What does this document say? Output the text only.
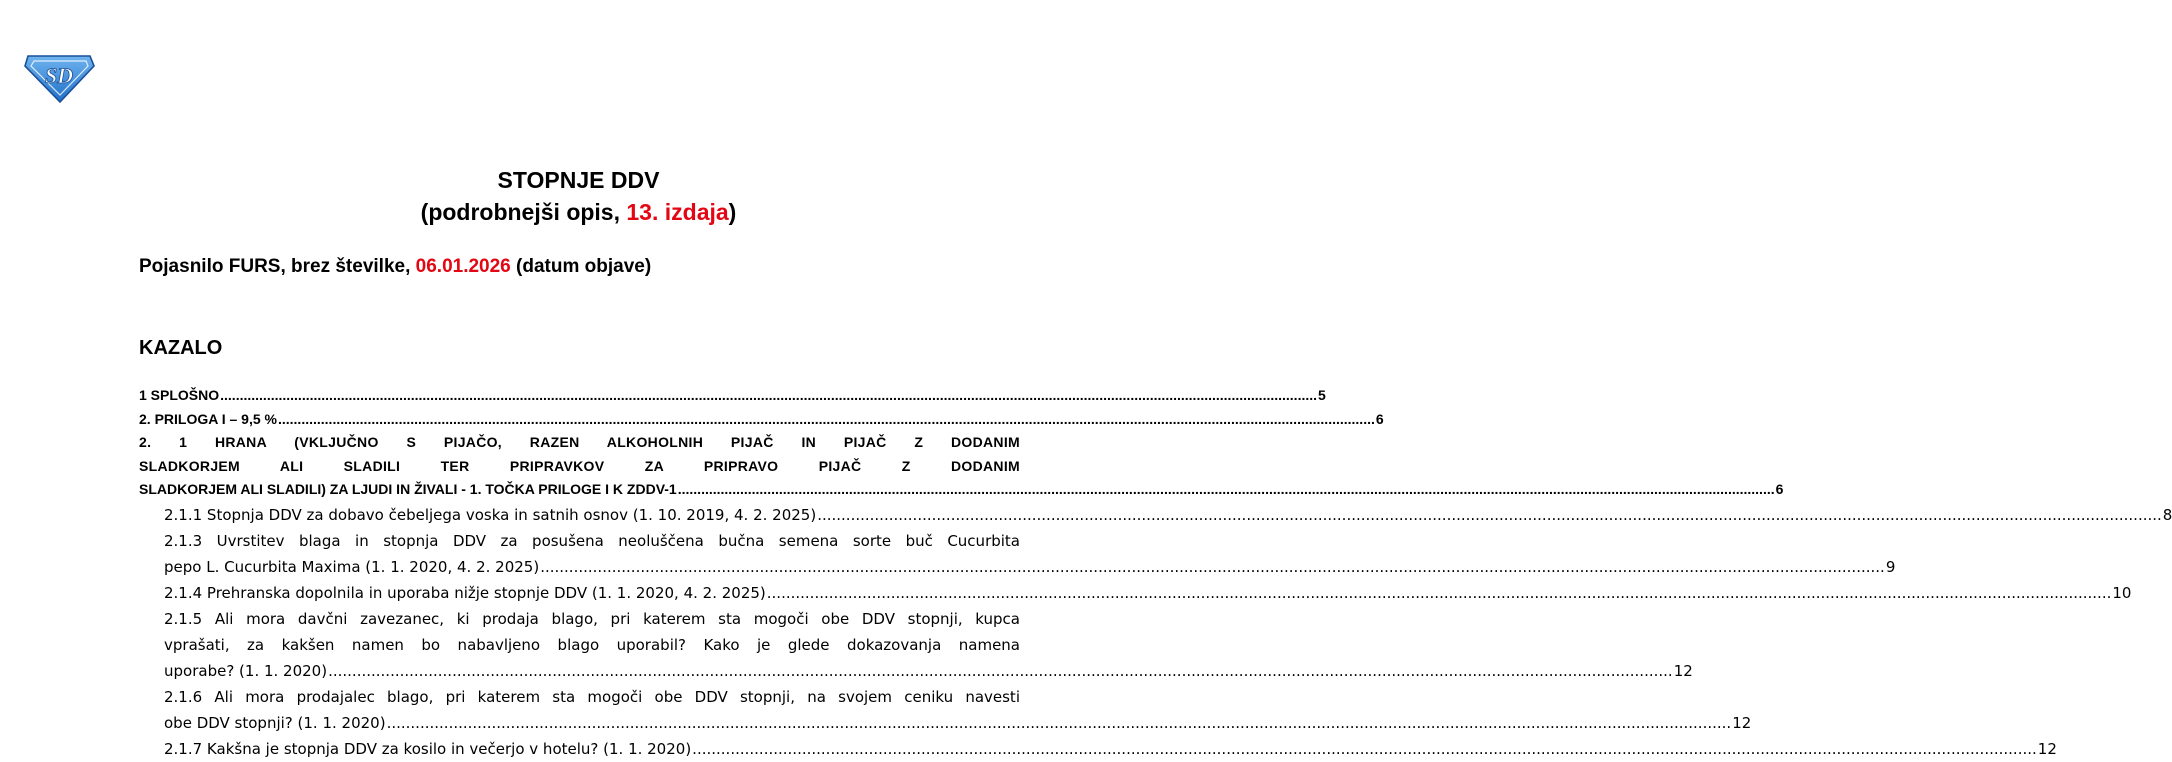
SD
STOPNJE DDV
(podrobnejši opis, 13. izdaja)
Pojasnilo FURS, brez številke, 06.01.2026 (datum objave)
KAZALO
1 SPLOŠNO .....	5
2. PRILOGA I – 9,5 % .....	6
2. 1 HRANA (VKLJUČNO S PIJAČO, RAZEN ALKOHOLNIH PIJAČ IN PIJAČ Z DODANIM
SLADKORJEM ALI SLADILI TER PRIPRAVKOV ZA PRIPRAVO PIJAČ Z DODANIM
SLADKORJEM ALI SLADILI) ZA LJUDI IN ŽIVALI - 1. TOČKA PRILOGE I K ZDDV-1 .....	6
2.1.1 Stopnja DDV za dobavo čebeljega voska in satnih osnov (1. 10. 2019, 4. 2. 2025) .....	8
2.1.3 Uvrstitev blaga in stopnja DDV za posušena neoluščena bučna semena sorte buč Cucurbita
pepo L. Cucurbita Maxima (1. 1. 2020, 4. 2. 2025) .....	9
2.1.4 Prehranska dopolnila in uporaba nižje stopnje DDV (1. 1. 2020, 4. 2. 2025) .....	10
2.1.5 Ali mora davčni zavezanec, ki prodaja blago, pri katerem sta mogoči obe DDV stopnji, kupca
vprašati, za kakšen namen bo nabavljeno blago uporabil? Kako je glede dokazovanja namena
uporabe? (1. 1. 2020) .....	12
2.1.6 Ali mora prodajalec blago, pri katerem sta mogoči obe DDV stopnji, na svojem ceniku navesti
obe DDV stopnji? (1. 1. 2020) .....	12
2.1.7 Kakšna je stopnja DDV za kosilo in večerjo v hotelu? (1. 1. 2020) .....	12
